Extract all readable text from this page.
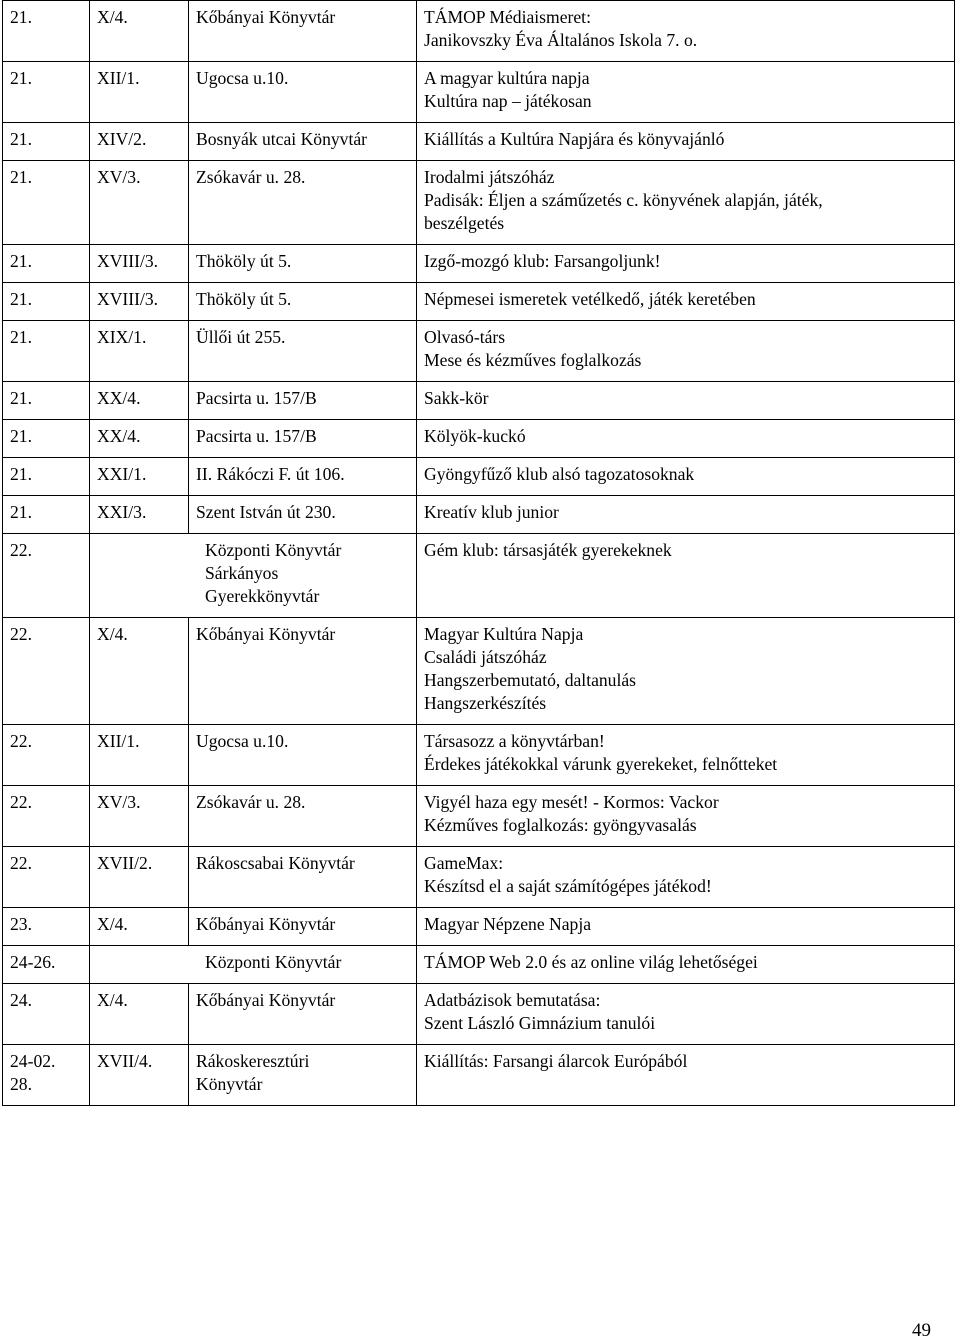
21.	X/4.	Kőbányai Könyvtár	TÁMOP Médiaismeret:
Janikovszky Éva Általános Iskola 7. o.

21.	XII/1.	Ugocsa u.10.	A magyar kultúra napja
Kultúra nap – játékosan

21.	XIV/2.	Bosnyák utcai Könyvtár	Kiállítás a Kultúra Napjára és könyvajánló

21.	XV/3.	Zsókavár u. 28.	Irodalmi játszóház
Padisák: Éljen a száműzetés c. könyvének alapján, játék,
beszélgetés

21.	XVIII/3.	Thököly út 5.	Izgő-mozgó klub: Farsangoljunk!

21.	XVIII/3.	Thököly út 5.	Népmesei ismeretek vetélkedő, játék keretében

21.	XIX/1.	Üllői út 255.	Olvasó-társ
Mese és kézműves foglalkozás

21.	XX/4.	Pacsirta u. 157/B	Sakk-kör

21.	XX/4.	Pacsirta u. 157/B	Kölyök-kuckó

21.	XXI/1.	II. Rákóczi F. út 106.	Gyöngyfűző klub alsó tagozatosoknak

21.	XXI/3.	Szent István út 230.	Kreatív klub junior

22.	Központi Könyvtár
Sárkányos
Gyerekkönyvtár		Gém klub: társasjáték gyerekeknek

22.	X/4.	Kőbányai Könyvtár	Magyar Kultúra Napja
Családi játszóház
Hangszerbemutató, daltanulás
Hangszerkészítés

22.	XII/1.	Ugocsa u.10.	Társasozz a könyvtárban!
Érdekes játékokkal várunk gyerekeket, felnőtteket

22.	XV/3.	Zsókavár u. 28.	Vigyél haza egy mesét! - Kormos: Vackor
Kézműves foglalkozás: gyöngyvasalás

22.	XVII/2.	Rákoscsabai Könyvtár	GameMax:
Készítsd el a saját számítógépes játékod!

23.	X/4.	Kőbányai Könyvtár	Magyar Népzene Napja

24-26.	Központi Könyvtár		TÁMOP Web 2.0 és az online világ lehetőségei

24.	X/4.	Kőbányai Könyvtár	Adatbázisok bemutatása:
Szent László Gimnázium tanulói

24-02.
28.	XVII/4.	Rákoskeresztúri
Könyvtár	Kiállítás: Farsangi álarcok Európából
49
